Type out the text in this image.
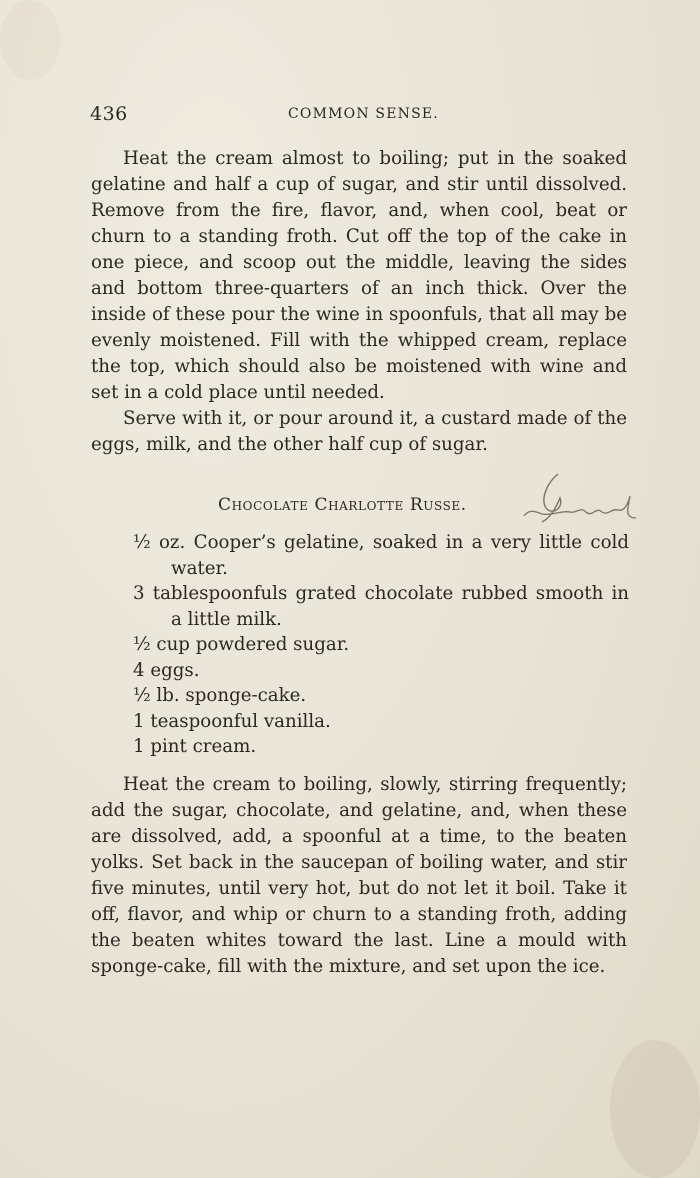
436	COMMON SENSE.

Heat the cream almost to boiling; put in the soaked gelatine and half a cup of sugar, and stir until dissolved. Remove from the fire, flavor, and, when cool, beat or churn to a standing froth. Cut off the top of the cake in one piece, and scoop out the middle, leaving the sides and bottom three-quarters of an inch thick. Over the inside of these pour the wine in spoonfuls, that all may be evenly moistened. Fill with the whipped cream, replace the top, which should also be moistened with wine and set in a cold place until needed.

Serve with it, or pour around it, a custard made of the eggs, milk, and the other half cup of sugar.

Chocolate Charlotte Russe.
½ oz. Cooper’s gelatine, soaked in a very little cold water.
3 tablespoonfuls grated chocolate rubbed smooth in a little milk.
½ cup powdered sugar.
4 eggs.
½ lb. sponge-cake.
1 teaspoonful vanilla.
1 pint cream.

Heat the cream to boiling, slowly, stirring frequently; add the sugar, chocolate, and gelatine, and, when these are dissolved, add, a spoonful at a time, to the beaten yolks. Set back in the saucepan of boiling water, and stir five minutes, until very hot, but do not let it boil. Take it off, flavor, and whip or churn to a standing froth, adding the beaten whites toward the last. Line a mould with sponge-cake, fill with the mixture, and set upon the ice.
